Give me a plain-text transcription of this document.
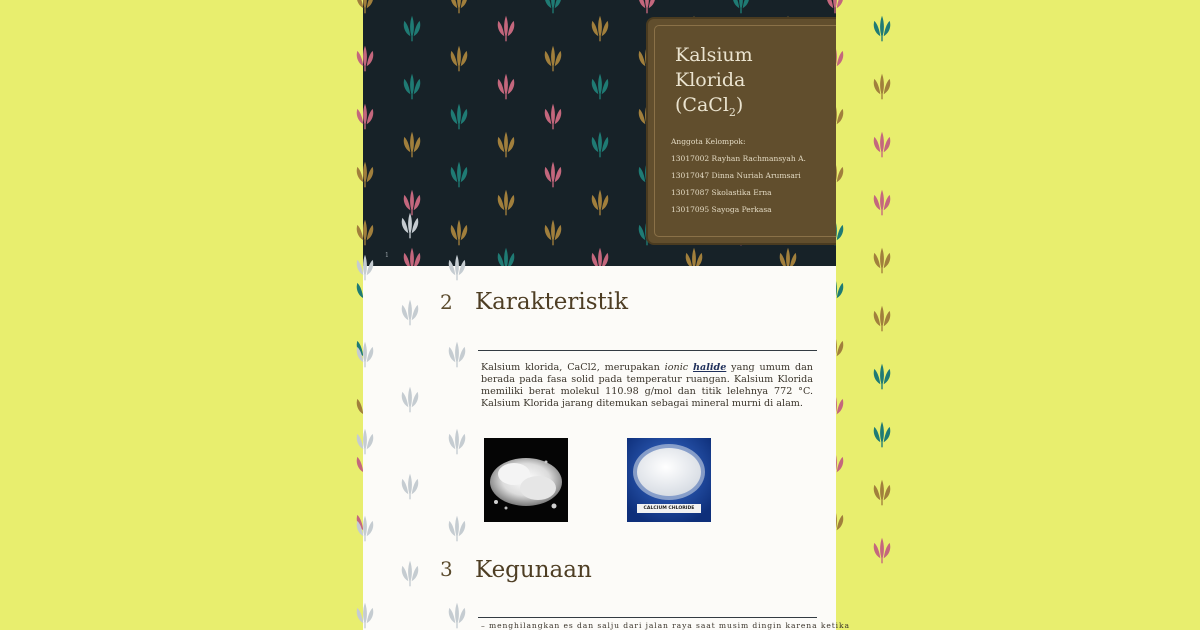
Kalsium
Klorida
(CaCl$_2$)
Anggota Kelompok:
13017002 Rayhan Rachmansyah A.
13017047 Dinna Nuriah Arumsari
13017087 Skolastika Erna
13017095 Sayoga Perkasa
1
2 Karakteristik

Kalsium klorida, CaCl2, merupakan ionic halide yang umum dan berada pada fasa solid pada temperatur ruangan. Kalsium Klorida memiliki berat molekul 110.98 g/mol dan titik lelehnya 772 °C. Kalsium Klorida jarang ditemukan sebagai mineral murni di alam.

CALCIUM CHLORIDE
3 Kegunaan
– menghilangkan es dan salju dari jalan raya saat musim dingin karena ketika
